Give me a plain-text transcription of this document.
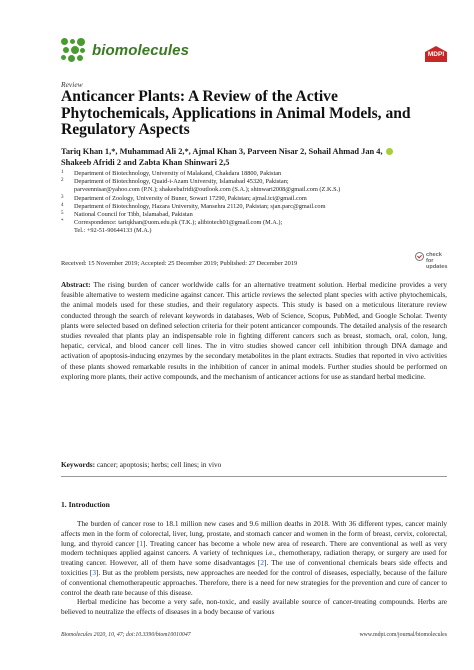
biomolecules	MDPI
Review
Anticancer Plants: A Review of the Active Phytochemicals, Applications in Animal Models, and Regulatory Aspects
Tariq Khan 1,*, Muhammad Ali 2,*, Ajmal Khan 3, Parveen Nisar 2, Sohail Ahmad Jan 4,
Shakeeb Afridi 2 and Zabta Khan Shinwari 2,5
1 Department of Biotechnology, University of Malakand, Chakdara 18800, Pakistan
2 Department of Biotechnology, Quaid-i-Azam University, Islamabad 45320, Pakistan;
parveennisar@yahoo.com (P.N.); shakeebafridi@outlook.com (S.A.); shinwari2008@gmail.com (Z.K.S.)
3 Department of Zoology, University of Buner, Sowari 17290, Pakistan; ajmal.ici@gmail.com
4 Department of Biotechnology, Hazara University, Mansehra 21120, Pakistan; sjan.parc@gmail.com
5 National Council for Tibb, Islamabad, Pakistan
* Correspondence: tariqkhan@uom.edu.pk (T.K.); alibiotech01@gmail.com (M.A.);
Tel.: +92-51-90644133 (M.A.)
Received: 15 November 2019; Accepted: 25 December 2019; Published: 27 December 2019
check for
updates
Abstract: The rising burden of cancer worldwide calls for an alternative treatment solution. Herbal medicine provides a very feasible alternative to western medicine against cancer. This article reviews the selected plant species with active phytochemicals, the animal models used for these studies, and their regulatory aspects. This study is based on a meticulous literature review conducted through the search of relevant keywords in databases, Web of Science, Scopus, PubMed, and Google Scholar. Twenty plants were selected based on defined selection criteria for their potent anticancer compounds. The detailed analysis of the research studies revealed that plants play an indispensable role in fighting different cancers such as breast, stomach, oral, colon, lung, hepatic, cervical, and blood cancer cell lines. The in vitro studies showed cancer cell inhibition through DNA damage and activation of apoptosis-inducing enzymes by the secondary metabolites in the plant extracts. Studies that reported in vivo activities of these plants showed remarkable results in the inhibition of cancer in animal models. Further studies should be performed on exploring more plants, their active compounds, and the mechanism of anticancer actions for use as standard herbal medicine.
Keywords: cancer; apoptosis; herbs; cell lines; in vivo
1. Introduction

The burden of cancer rose to 18.1 million new cases and 9.6 million deaths in 2018. With 36 different types, cancer mainly affects men in the form of colorectal, liver, lung, prostate, and stomach cancer and women in the form of breast, cervix, colorectal, lung, and thyroid cancer [1]. Treating cancer has become a whole new area of research. There are conventional as well as very modern techniques applied against cancers. A variety of techniques i.e., chemotherapy, radiation therapy, or surgery are used for treating cancer. However, all of them have some disadvantages [2]. The use of conventional chemicals bears side effects and toxicities [3]. But as the problem persists, new approaches are needed for the control of diseases, especially, because of the failure of conventional chemotherapeutic approaches. Therefore, there is a need for new strategies for the prevention and cure of cancer to control the death rate because of this disease.

Herbal medicine has become a very safe, non-toxic, and easily available source of cancer-treating compounds. Herbs are believed to neutralize the effects of diseases in a body because of various

Biomolecules 2020, 10, 47; doi:10.3390/biom10010047	www.mdpi.com/journal/biomolecules
